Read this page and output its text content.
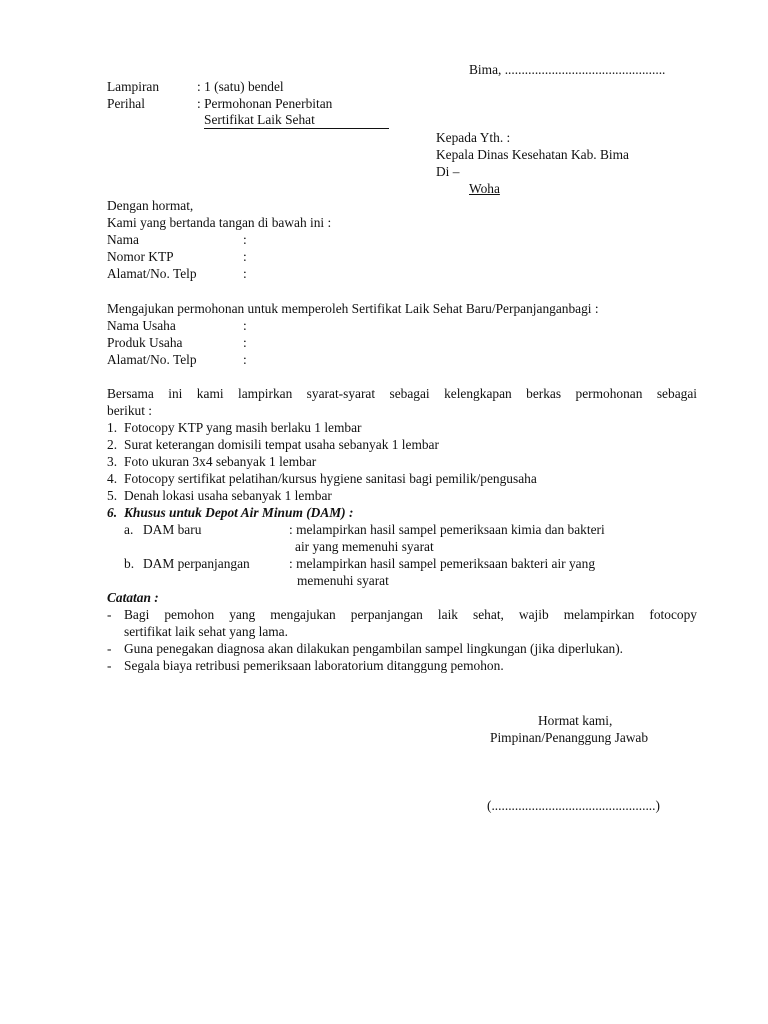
Bima, ................................................
Lampiran	: 1 (satu) bendel
Perihal	: Permohonan Penerbitan
Sertifikat Laik Sehat
Kepada Yth. :
Kepala Dinas Kesehatan Kab. Bima
Di –
Woha
Dengan hormat,
Kami yang bertanda tangan di bawah ini :
Nama	:
Nomor KTP	:
Alamat/No. Telp	:
Mengajukan permohonan untuk memperoleh Sertifikat Laik Sehat Baru/Perpanjanganbagi :
Nama Usaha	:
Produk Usaha	:
Alamat/No. Telp	:
Bersama ini kami lampirkan syarat-syarat sebagai kelengkapan berkas permohonan sebagai
berikut :
1. Fotocopy KTP yang masih berlaku 1 lembar
2. Surat keterangan domisili tempat usaha sebanyak 1 lembar
3. Foto ukuran 3x4 sebanyak 1 lembar
4. Fotocopy sertifikat pelatihan/kursus hygiene sanitasi bagi pemilik/pengusaha
5. Denah lokasi usaha sebanyak 1 lembar
6. Khusus untuk Depot Air Minum (DAM) :
a. DAM baru	: melampirkan hasil sampel pemeriksaan kimia dan bakteri
air yang memenuhi syarat
b. DAM perpanjangan	: melampirkan hasil sampel pemeriksaan bakteri air yang
memenuhi syarat
Catatan :
- Bagi pemohon yang mengajukan perpanjangan laik sehat, wajib melampirkan fotocopy
sertifikat laik sehat yang lama.
- Guna penegakan diagnosa akan dilakukan pengambilan sampel lingkungan (jika diperlukan).
- Segala biaya retribusi pemeriksaan laboratorium ditanggung pemohon.
Hormat kami,
Pimpinan/Penanggung Jawab
(.................................................)
